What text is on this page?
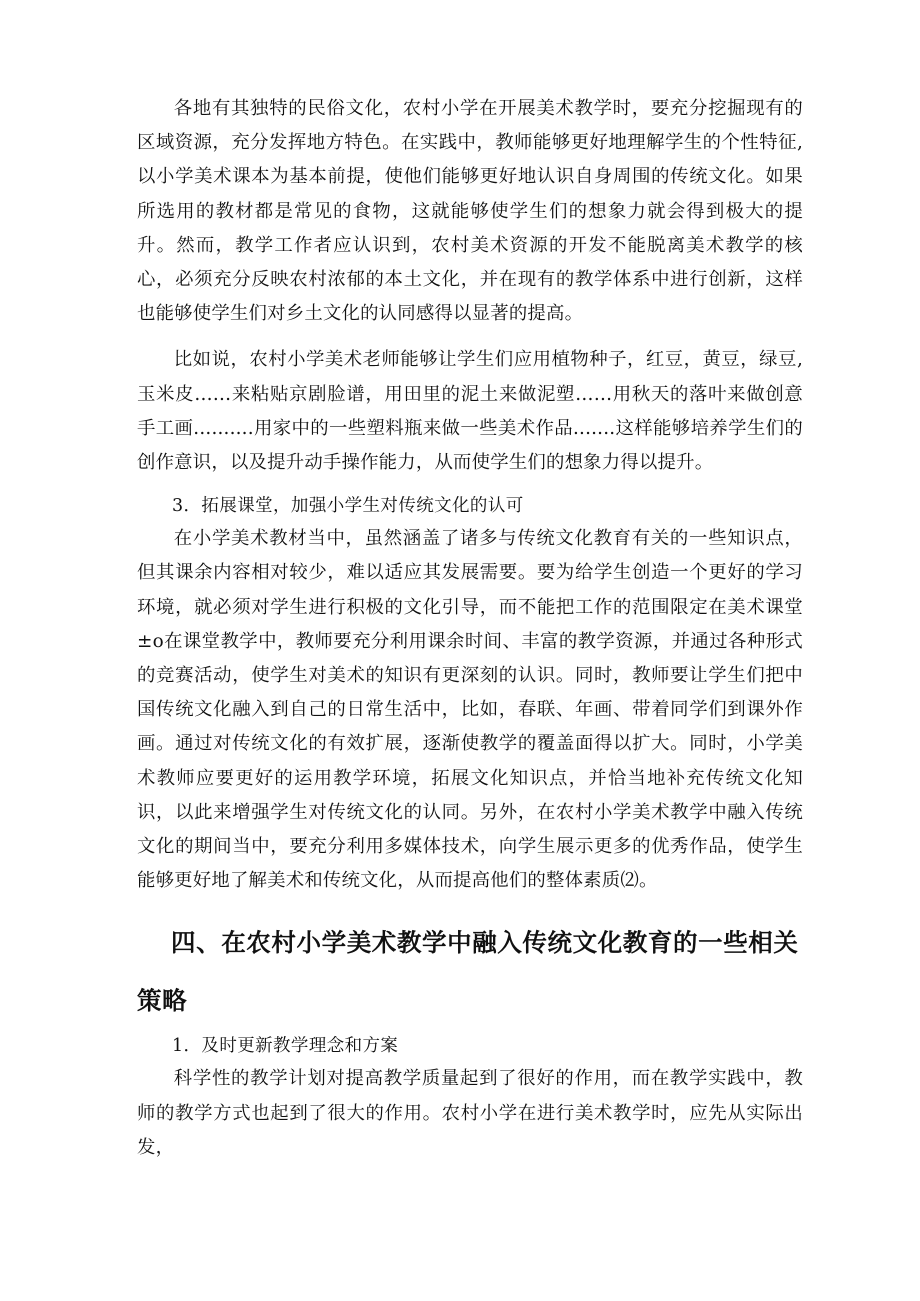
各地有其独特的民俗文化，农村小学在开展美术教学时，要充分挖掘现有的区域资源，充分发挥地方特色。在实践中，教师能够更好地理解学生的个性特征,以小学美术课本为基本前提，使他们能够更好地认识自身周围的传统文化。如果所选用的教材都是常见的食物，这就能够使学生们的想象力就会得到极大的提升。然而，教学工作者应认识到，农村美术资源的开发不能脱离美术教学的核心，必须充分反映农村浓郁的本土文化，并在现有的教学体系中进行创新，这样也能够使学生们对乡土文化的认同感得以显著的提高。

比如说，农村小学美术老师能够让学生们应用植物种子，红豆，黄豆，绿豆,玉米皮……来粘贴京剧脸谱，用田里的泥土来做泥塑……用秋天的落叶来做创意手工画..........用家中的一些塑料瓶来做一些美术作品.......这样能够培养学生们的创作意识，以及提升动手操作能力，从而使学生们的想象力得以提升。

3．拓展课堂，加强小学生对传统文化的认可

在小学美术教材当中，虽然涵盖了诸多与传统文化教育有关的一些知识点，但其课余内容相对较少，难以适应其发展需要。要为给学生创造一个更好的学习环境，就必须对学生进行积极的文化引导，而不能把工作的范围限定在美术课堂±o在课堂教学中，教师要充分利用课余时间、丰富的教学资源，并通过各种形式的竞赛活动，使学生对美术的知识有更深刻的认识。同时，教师要让学生们把中国传统文化融入到自己的日常生活中，比如，春联、年画、带着同学们到课外作画。通过对传统文化的有效扩展，逐渐使教学的覆盖面得以扩大。同时，小学美术教师应要更好的运用教学环境，拓展文化知识点，并恰当地补充传统文化知识，以此来增强学生对传统文化的认同。另外，在农村小学美术教学中融入传统文化的期间当中，要充分利用多媒体技术，向学生展示更多的优秀作品，使学生能够更好地了解美术和传统文化，从而提高他们的整体素质⑵。

四、在农村小学美术教学中融入传统文化教育的一些相关策略

1．及时更新教学理念和方案

科学性的教学计划对提高教学质量起到了很好的作用，而在教学实践中，教师的教学方式也起到了很大的作用。农村小学在进行美术教学时，应先从实际出发，
